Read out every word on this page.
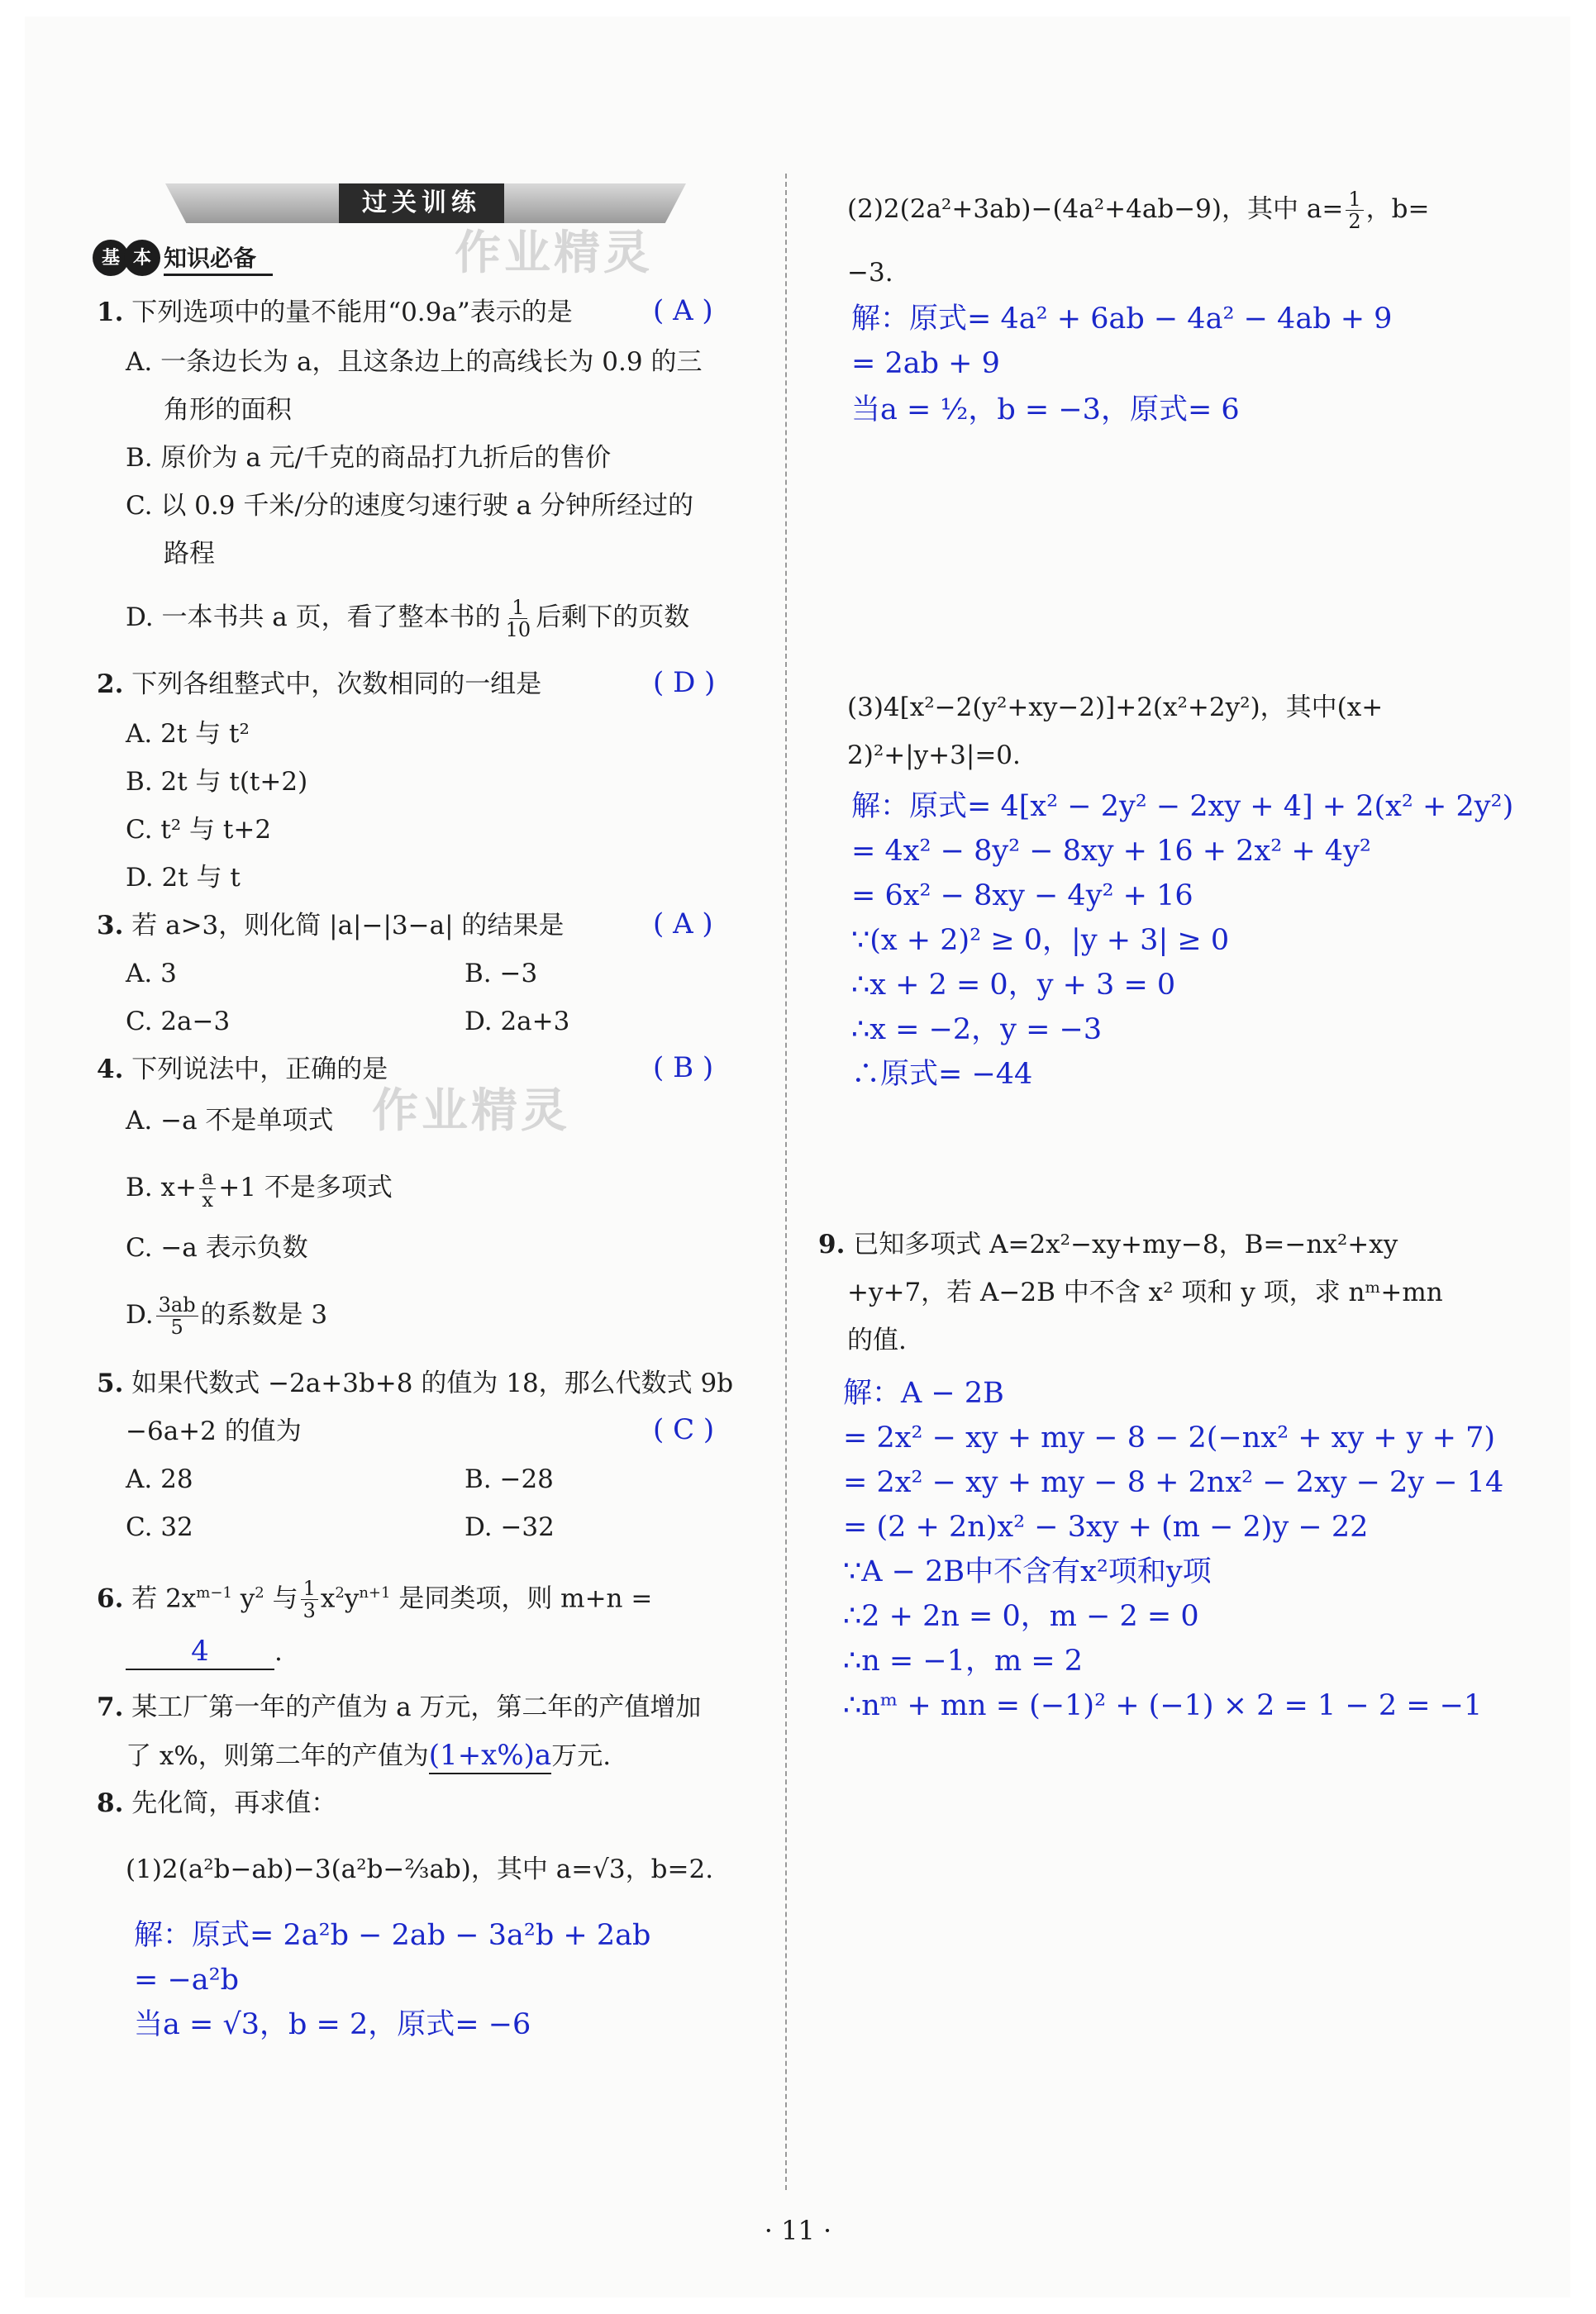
过关训练
基 本 知识必备	作业精灵
作业精灵
1. 下列选项中的量不能用“0.9a”表示的是	( A )
A. 一条边长为 a，且这条边上的高线长为 0.9 的三
角形的面积
B. 原价为 a 元/千克的商品打九折后的售价
C. 以 0.9 千米/分的速度匀速行驶 a 分钟所经过的
路程
D. 一本书共 a 页，看了整本书的 $\frac{1}{10}$ 后剩下的页数
2. 下列各组整式中，次数相同的一组是	( D )
A. 2t 与 t²
B. 2t 与 t(t+2)
C. t² 与 t+2
D. 2t 与 t
3. 若 a>3，则化简 |a|−|3−a| 的结果是	( A )
A. 3	B. −3
C. 2a−3	D. 2a+3
4. 下列说法中，正确的是	( B )
A. −a 不是单项式
B. $x+ \frac{a}{x} +1$ 不是多项式
C. −a 表示负数
D. $\frac{3ab}{5}$ 的系数是 3
5. 如果代数式 −2a+3b+8 的值为 18，那么代数式 9b
−6a+2 的值为	( C )
A. 28	B. −28
C. 32	D. −32
6. 若 $2x^{m-1}$ $y^2$ 与 $\frac{1}{3} x^2y^{n+1}$ 是同类项，则 m+n =
4	.
7. 某工厂第一年的产值为 a 万元，第二年的产值增加
了 x%，则第二年的产值为(1+x%)a万元.
8. 先化简，再求值：
(1)2(a²b−ab)−3(a²b−⅔ab)，其中 a=√3，b=2.
解：原式= 2a²b − 2ab − 3a²b + 2ab
= −a²b
当a = √3，b = 2，原式= −6
(2)2(2a²+3ab)−(4a²+4ab−9)，其中 $a= \frac{1}{2}$ ，b=
−3.
解：原式= 4a² + 6ab − 4a² − 4ab + 9
= 2ab + 9
当a = ½，b = −3，原式= 6
(3)4[x²−2(y²+xy−2)]+2(x²+2y²)，其中(x+
2)²+|y+3|=0.
解：原式= 4[x² − 2y² − 2xy + 4] + 2(x² + 2y²)
= 4x² − 8y² − 8xy + 16 + 2x² + 4y²
= 6x² − 8xy − 4y² + 16
∵(x + 2)² ≥ 0，|y + 3| ≥ 0
∴x + 2 = 0，y + 3 = 0
∴x = −2，y = −3
∴原式= −44
9. 已知多项式 A=2x²−xy+my−8，B=−nx²+xy
+y+7，若 A−2B 中不含 x² 项和 y 项，求 nᵐ+mn
的值.
解：A − 2B
= 2x² − xy + my − 8 − 2(−nx² + xy + y + 7)
= 2x² − xy + my − 8 + 2nx² − 2xy − 2y − 14
= (2 + 2n)x² − 3xy + (m − 2)y − 22
∵A − 2B中不含有x²项和y项
∴2 + 2n = 0，m − 2 = 0
∴n = −1，m = 2
∴nᵐ + mn = (−1)² + (−1) × 2 = 1 − 2 = −1
· 11 ·
